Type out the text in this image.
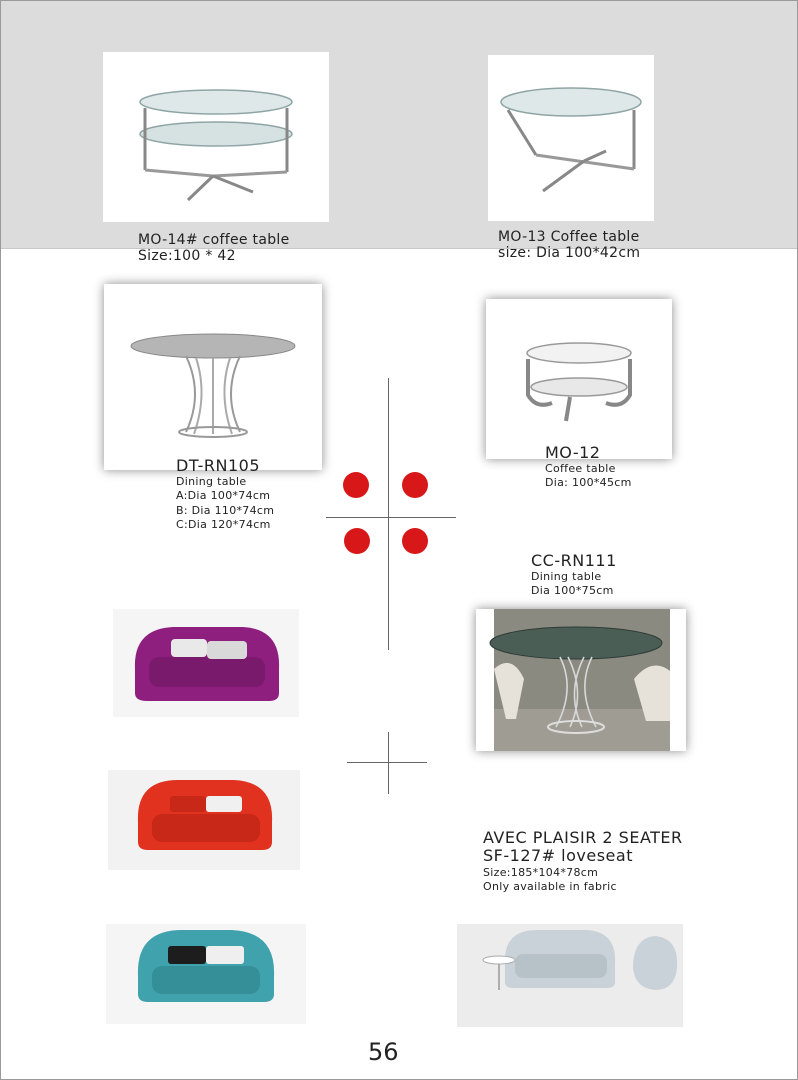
MO-14# coffee table
Size:100 * 42
MO-13 Coffee table
size: Dia 100*42cm
DT-RN105
Dining table
A:Dia 100*74cm
B: Dia 110*74cm
C:Dia 120*74cm
MO-12
Coffee table
Dia: 100*45cm
CC-RN111
Dining table
Dia 100*75cm
AVEC PLAISIR 2 SEATER
SF-127# loveseat
Size:185*104*78cm
Only available in fabric
56
